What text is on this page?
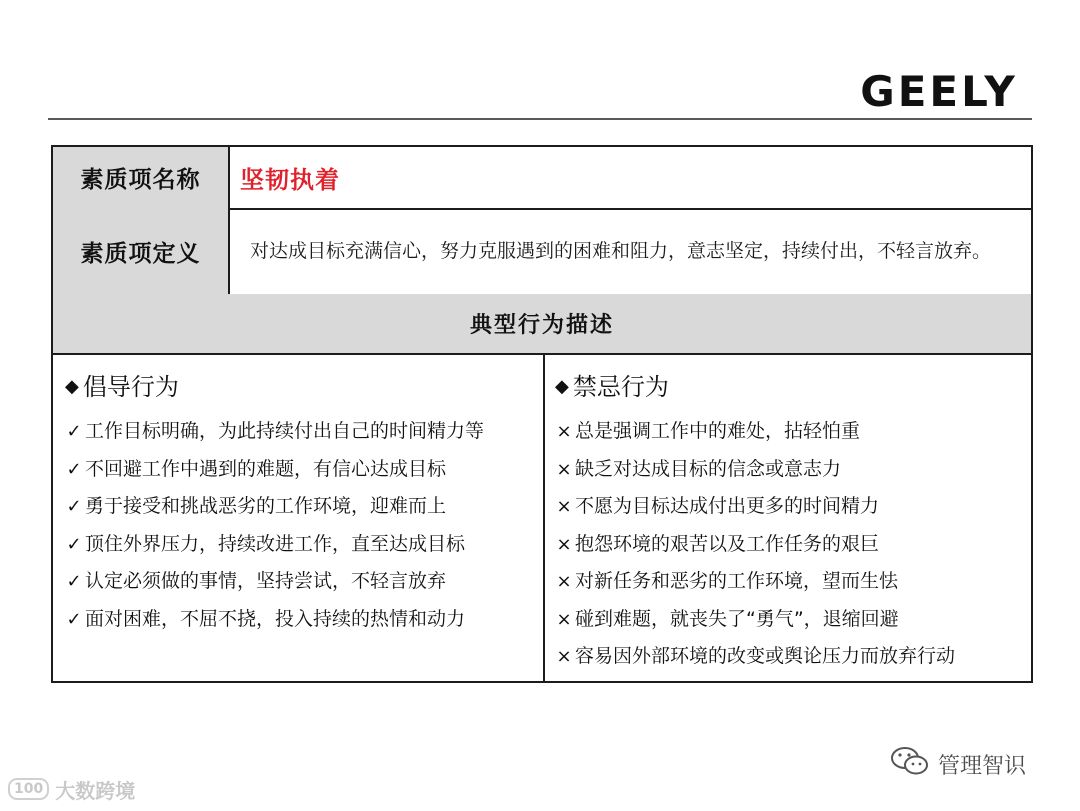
GEELY
素质项名称	坚韧执着
素质项定义	对达成目标充满信心，努力克服遇到的困难和阻力，意志坚定，持续付出，不轻言放弃。
典型行为描述
◆ 倡导行为
✓ 工作目标明确，为此持续付出自己的时间精力等
✓ 不回避工作中遇到的难题，有信心达成目标
✓ 勇于接受和挑战恶劣的工作环境，迎难而上
✓ 顶住外界压力，持续改进工作，直至达成目标
✓ 认定必须做的事情，坚持尝试，不轻言放弃
✓ 面对困难，不屈不挠，投入持续的热情和动力
◆ 禁忌行为
× 总是强调工作中的难处，拈轻怕重
× 缺乏对达成目标的信念或意志力
× 不愿为目标达成付出更多的时间精力
× 抱怨环境的艰苦以及工作任务的艰巨
× 对新任务和恶劣的工作环境，望而生怯
× 碰到难题，就丧失了“勇气”，退缩回避
× 容易因外部环境的改变或舆论压力而放弃行动
100 大数跨境
管理智识
